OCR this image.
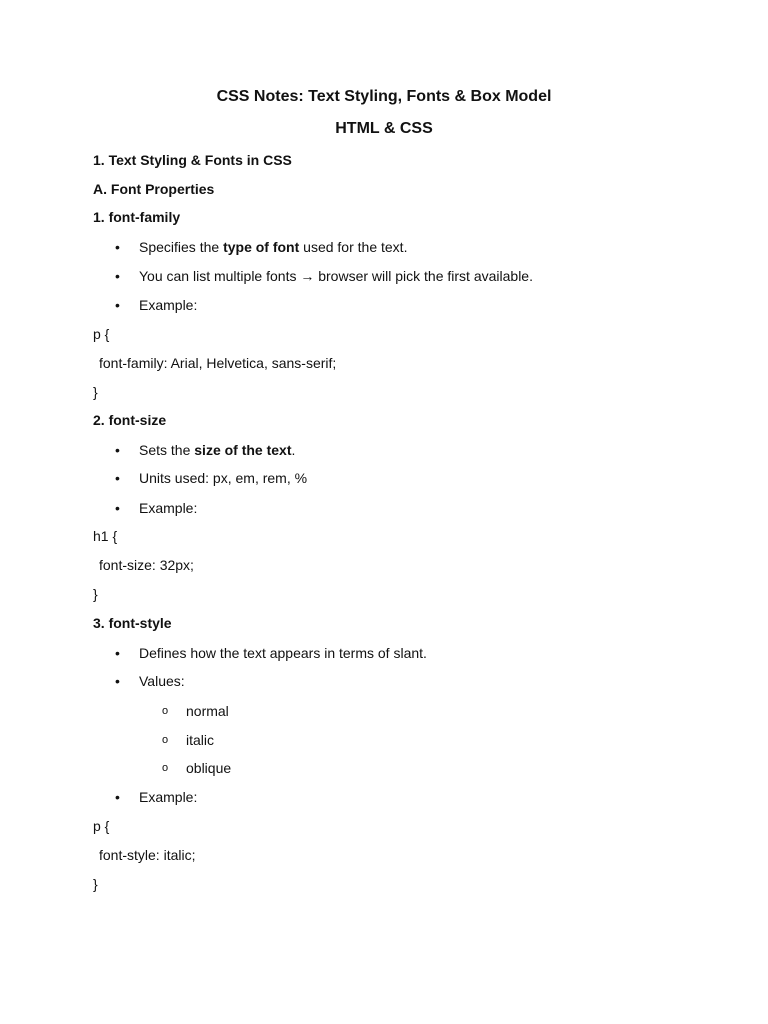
CSS Notes: Text Styling, Fonts & Box Model
HTML & CSS
1. Text Styling & Fonts in CSS
A. Font Properties
1. font-family
• Specifies the type of font used for the text.
• You can list multiple fonts → browser will pick the first available.
• Example:
p {
font-family: Arial, Helvetica, sans-serif;
}
2. font-size
• Sets the size of the text.
• Units used: px, em, rem, %
• Example:
h1 {
font-size: 32px;
}
3. font-style
• Defines how the text appears in terms of slant.
• Values:
o normal
o italic
o oblique
• Example:
p {
font-style: italic;
}
